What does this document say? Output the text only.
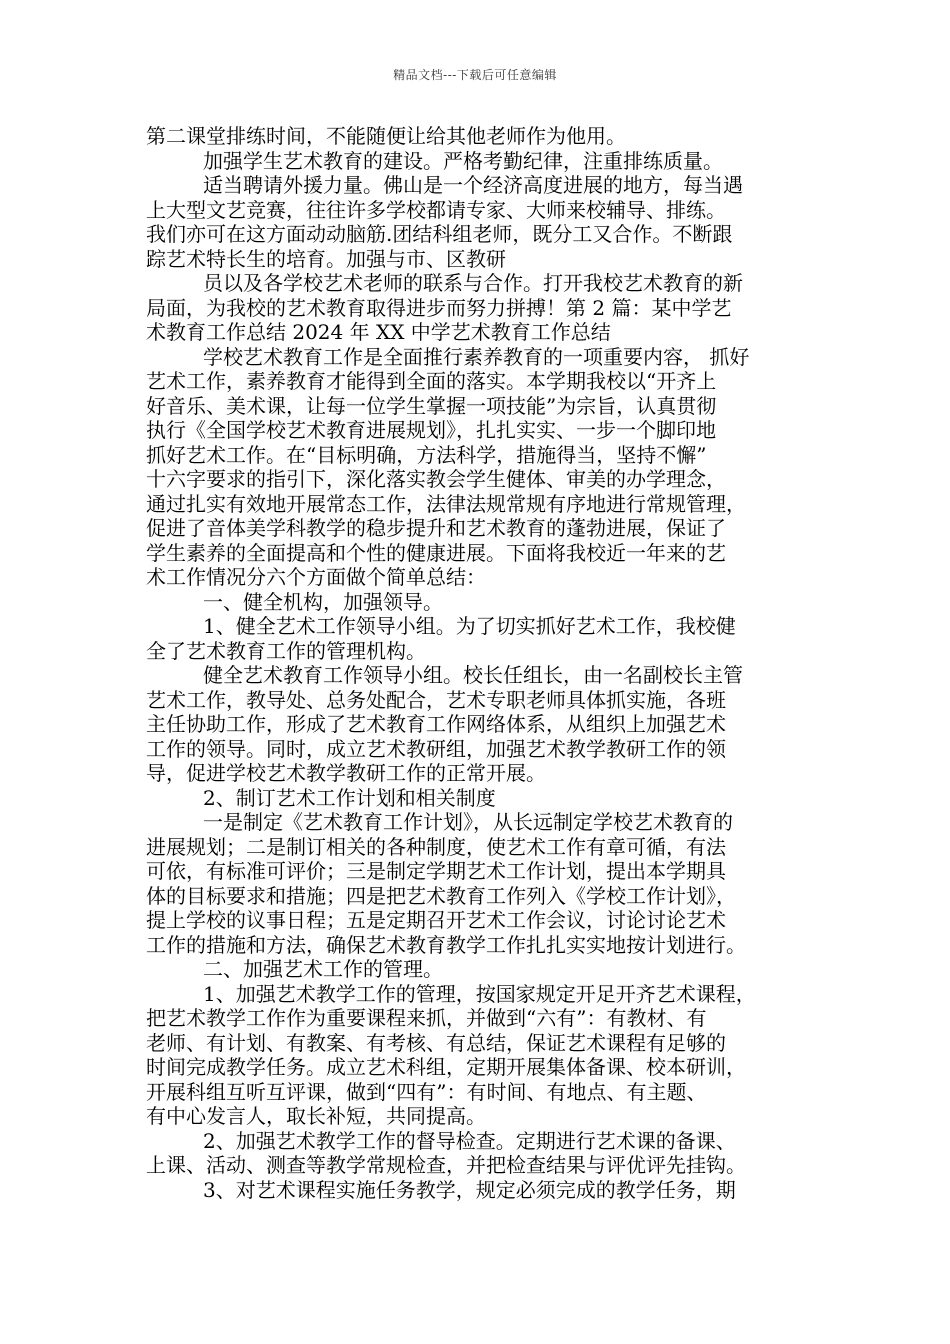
精品文档---下载后可任意编辑
第二课堂排练时间，不能随便让给其他老师作为他用。
加强学生艺术教育的建设。严格考勤纪律，注重排练质量。
适当聘请外援力量。佛山是一个经济高度进展的地方，每当遇
上大型文艺竞赛，往往许多学校都请专家、大师来校辅导、排练。
我们亦可在这方面动动脑筋.团结科组老师，既分工又合作。不断跟
踪艺术特长生的培育。加强与市、区教研
员以及各学校艺术老师的联系与合作。打开我校艺术教育的新
局面，为我校的艺术教育取得进步而努力拼搏！第 2 篇：某中学艺
术教育工作总结 2024 年 XX 中学艺术教育工作总结
学校艺术教育工作是全面推行素养教育的一项重要内容， 抓好
艺术工作，素养教育才能得到全面的落实。本学期我校以“开齐上
好音乐、美术课，让每一位学生掌握一项技能”为宗旨，认真贯彻
执行《全国学校艺术教育进展规划》，扎扎实实、一步一个脚印地
抓好艺术工作。在“目标明确，方法科学，措施得当，坚持不懈”
十六字要求的指引下，深化落实教会学生健体、审美的办学理念，
通过扎实有效地开展常态工作，法律法规常规有序地进行常规管理，
促进了音体美学科教学的稳步提升和艺术教育的蓬勃进展，保证了
学生素养的全面提高和个性的健康进展。下面将我校近一年来的艺
术工作情况分六个方面做个简单总结：
一、健全机构，加强领导。
1、健全艺术工作领导小组。为了切实抓好艺术工作，我校健
全了艺术教育工作的管理机构。
健全艺术教育工作领导小组。校长任组长，由一名副校长主管
艺术工作，教导处、总务处配合，艺术专职老师具体抓实施，各班
主任协助工作，形成了艺术教育工作网络体系，从组织上加强艺术
工作的领导。同时，成立艺术教研组，加强艺术教学教研工作的领
导，促进学校艺术教学教研工作的正常开展。
2、制订艺术工作计划和相关制度
一是制定《艺术教育工作计划》，从长远制定学校艺术教育的
进展规划；二是制订相关的各种制度，使艺术工作有章可循，有法
可依，有标准可评价；三是制定学期艺术工作计划，提出本学期具
体的目标要求和措施；四是把艺术教育工作列入《学校工作计划》，
提上学校的议事日程；五是定期召开艺术工作会议，讨论讨论艺术
工作的措施和方法，确保艺术教育教学工作扎扎实实地按计划进行。
二、加强艺术工作的管理。
1、加强艺术教学工作的管理，按国家规定开足开齐艺术课程，
把艺术教学工作作为重要课程来抓，并做到“六有”：有教材、有
老师、有计划、有教案、有考核、有总结，保证艺术课程有足够的
时间完成教学任务。成立艺术科组，定期开展集体备课、校本研训，
开展科组互听互评课，做到“四有”：有时间、有地点、有主题、
有中心发言人，取长补短，共同提高。
2、加强艺术教学工作的督导检查。定期进行艺术课的备课、
上课、活动、测查等教学常规检查，并把检查结果与评优评先挂钩。
3、对艺术课程实施任务教学，规定必须完成的教学任务，期
